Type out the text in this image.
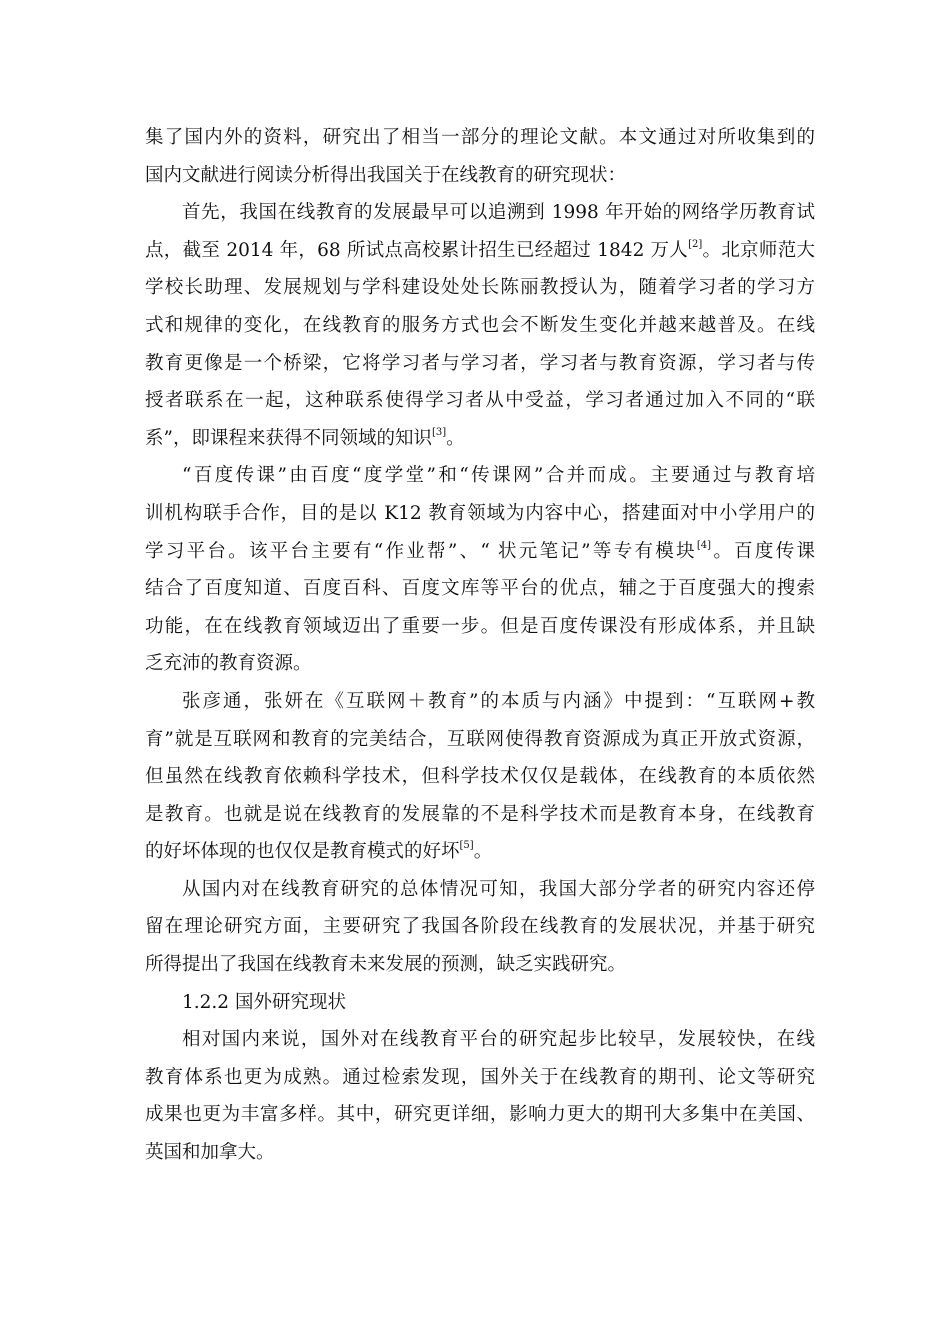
集了国内外的资料，研究出了相当一部分的理论文献。本文通过对所收集到的
国内文献进行阅读分析得出我国关于在线教育的研究现状：
首先，我国在线教育的发展最早可以追溯到 1998 年开始的网络学历教育试
点，截至 2014 年，68 所试点高校累计招生已经超过 1842 万人[2]。北京师范大
学校长助理、发展规划与学科建设处处长陈丽教授认为，随着学习者的学习方
式和规律的变化，在线教育的服务方式也会不断发生变化并越来越普及。在线
教育更像是一个桥梁，它将学习者与学习者，学习者与教育资源，学习者与传
授者联系在一起，这种联系使得学习者从中受益，学习者通过加入不同的“联
系”，即课程来获得不同领域的知识[3]。
“百度传课”由百度“度学堂”和“传课网”合并而成。主要通过与教育培
训机构联手合作，目的是以 K12 教育领域为内容中心，搭建面对中小学用户的
学习平台。该平台主要有“作业帮”、“ 状元笔记”等专有模块[4]。百度传课
结合了百度知道、百度百科、百度文库等平台的优点，辅之于百度强大的搜索
功能，在在线教育领域迈出了重要一步。但是百度传课没有形成体系，并且缺
乏充沛的教育资源。
张彦通，张妍在《互联网＋教育”的本质与内涵》中提到：“互联网+教
育”就是互联网和教育的完美结合，互联网使得教育资源成为真正开放式资源，
但虽然在线教育依赖科学技术，但科学技术仅仅是载体，在线教育的本质依然
是教育。也就是说在线教育的发展靠的不是科学技术而是教育本身，在线教育
的好坏体现的也仅仅是教育模式的好坏[5]。
从国内对在线教育研究的总体情况可知，我国大部分学者的研究内容还停
留在理论研究方面，主要研究了我国各阶段在线教育的发展状况，并基于研究
所得提出了我国在线教育未来发展的预测，缺乏实践研究。
1.2.2 国外研究现状
相对国内来说，国外对在线教育平台的研究起步比较早，发展较快，在线
教育体系也更为成熟。通过检索发现，国外关于在线教育的期刊、论文等研究
成果也更为丰富多样。其中，研究更详细，影响力更大的期刊大多集中在美国、
英国和加拿大。
